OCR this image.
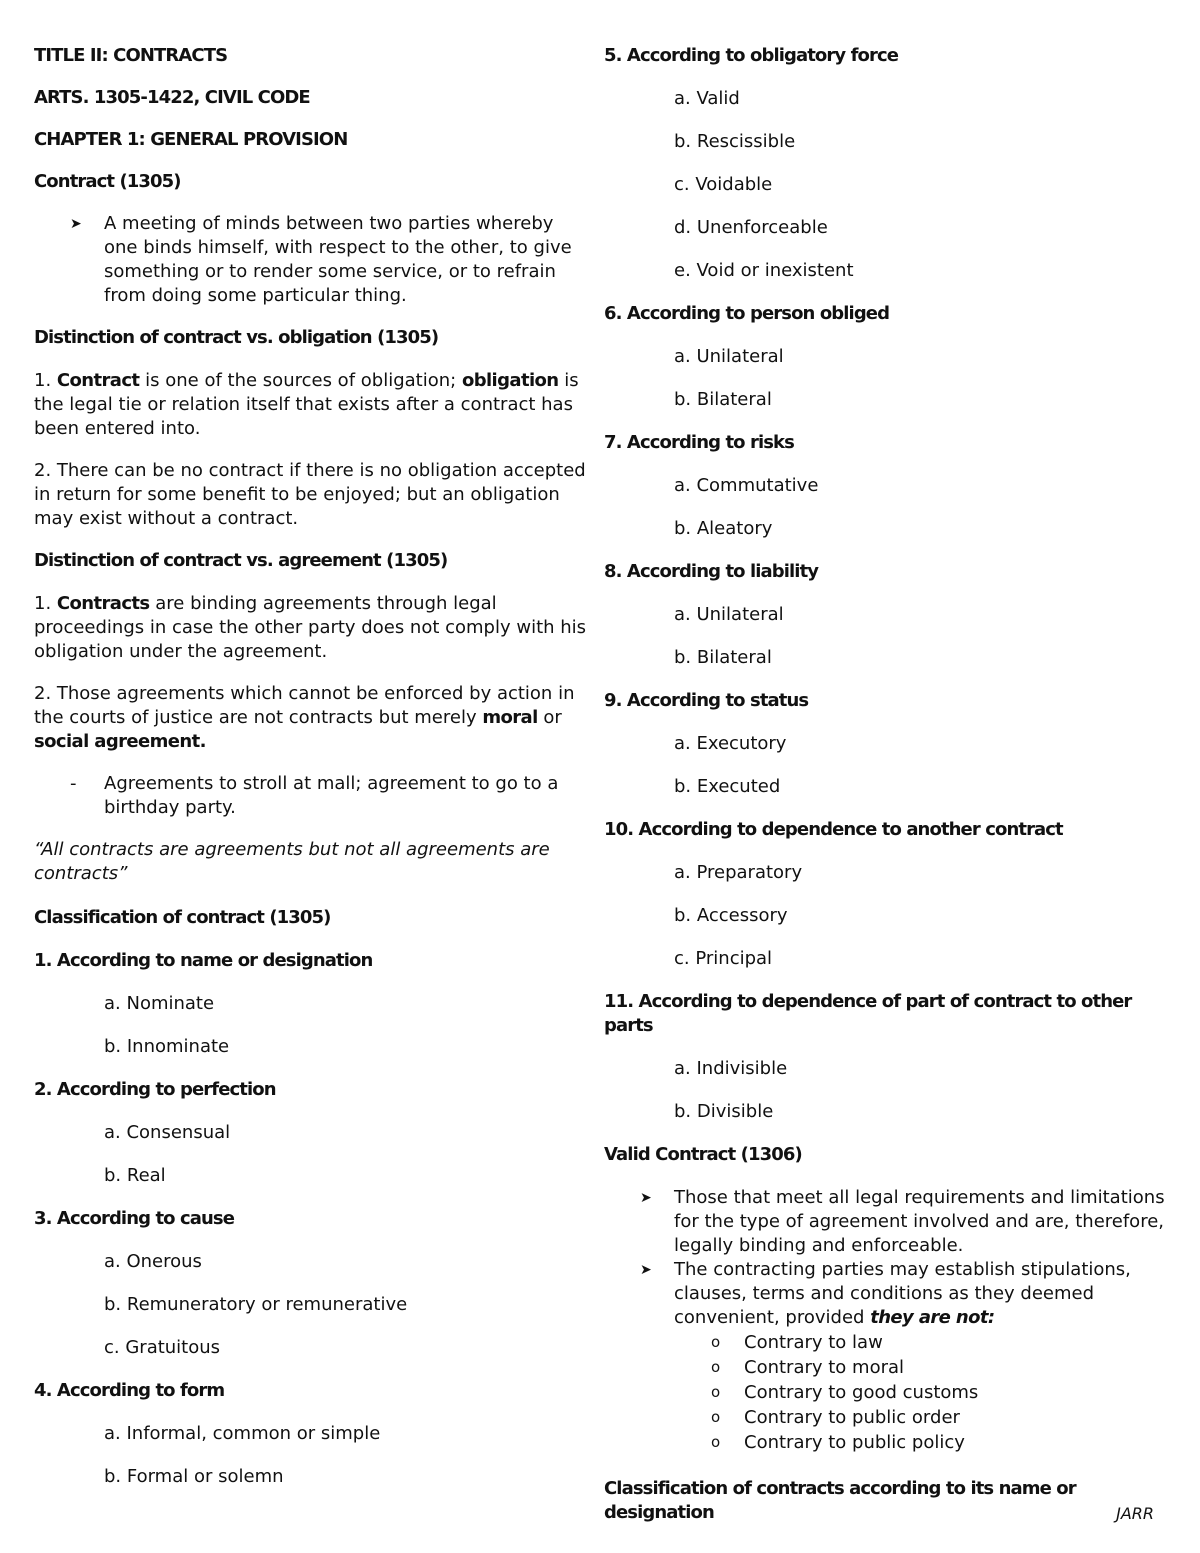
TITLE II: CONTRACTS

ARTS. 1305-1422, CIVIL CODE

CHAPTER 1: GENERAL PROVISION

Contract (1305)

➤ A meeting of minds between two parties whereby one binds himself, with respect to the other, to give something or to render some service, or to refrain from doing some particular thing.

Distinction of contract vs. obligation (1305)

1. Contract is one of the sources of obligation; obligation is the legal tie or relation itself that exists after a contract has been entered into.

2. There can be no contract if there is no obligation accepted in return for some benefit to be enjoyed; but an obligation may exist without a contract.

Distinction of contract vs. agreement (1305)

1. Contracts are binding agreements through legal proceedings in case the other party does not comply with his obligation under the agreement.

2. Those agreements which cannot be enforced by action in the courts of justice are not contracts but merely moral or social agreement.

- Agreements to stroll at mall; agreement to go to a birthday party.

“All contracts are agreements but not all agreements are contracts”

Classification of contract (1305)

1. According to name or designation

a. Nominate

b. Innominate

2. According to perfection

a. Consensual

b. Real

3. According to cause

a. Onerous

b. Remuneratory or remunerative

c. Gratuitous

4. According to form

a. Informal, common or simple

b. Formal or solemn

5. According to obligatory force

a. Valid

b. Rescissible

c. Voidable

d. Unenforceable

e. Void or inexistent

6. According to person obliged

a. Unilateral

b. Bilateral

7. According to risks

a. Commutative

b. Aleatory

8. According to liability

a. Unilateral

b. Bilateral

9. According to status

a. Executory

b. Executed

10. According to dependence to another contract

a. Preparatory

b. Accessory

c. Principal

11. According to dependence of part of contract to other parts

a. Indivisible

b. Divisible

Valid Contract (1306)

➤ Those that meet all legal requirements and limitations for the type of agreement involved and are, therefore, legally binding and enforceable.

➤ The contracting parties may establish stipulations, clauses, terms and conditions as they deemed convenient, provided they are not:

o Contrary to law

o Contrary to moral

o Contrary to good customs

o Contrary to public order

o Contrary to public policy

Classification of contracts according to its name or designation	JARR
